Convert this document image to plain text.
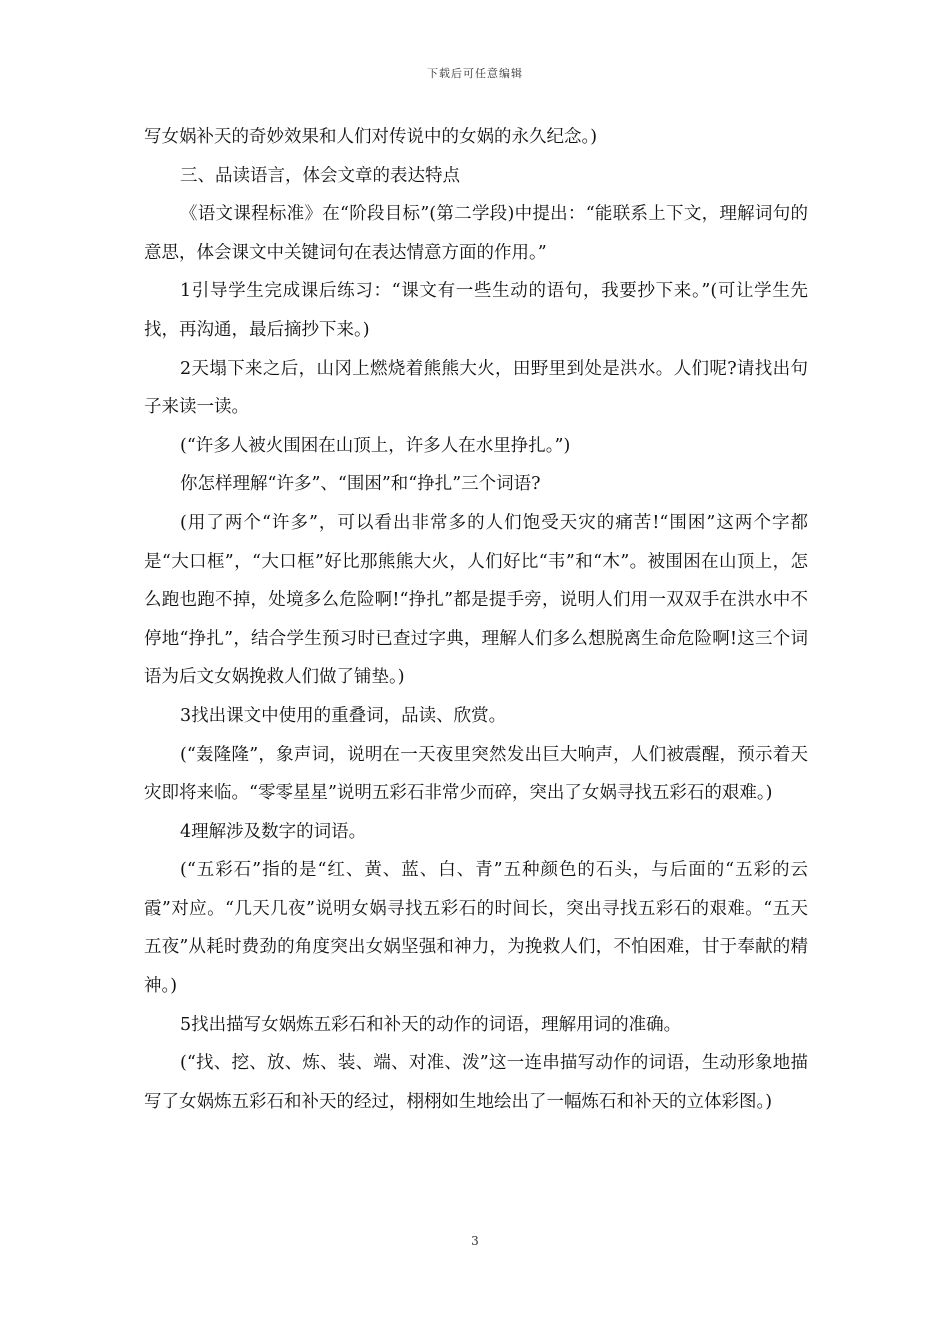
下载后可任意编辑

写女娲补天的奇妙效果和人们对传说中的女娲的永久纪念。)

三、品读语言，体会文章的表达特点

《语文课程标准》在“阶段目标”(第二学段)中提出：“能联系上下文，理解词句的意思，体会课文中关键词句在表达情意方面的作用。”

1引导学生完成课后练习：“课文有一些生动的语句，我要抄下来。”(可让学生先找，再沟通，最后摘抄下来。)

2天塌下来之后，山冈上燃烧着熊熊大火，田野里到处是洪水。人们呢?请找出句子来读一读。

(“许多人被火围困在山顶上，许多人在水里挣扎。”)

你怎样理解“许多”、“围困”和“挣扎”三个词语?

(用了两个“许多”，可以看出非常多的人们饱受天灾的痛苦!“围困”这两个字都是“大口框”，“大口框”好比那熊熊大火，人们好比“韦”和“木”。被围困在山顶上，怎么跑也跑不掉，处境多么危险啊!“挣扎”都是提手旁，说明人们用一双双手在洪水中不停地“挣扎”，结合学生预习时已查过字典，理解人们多么想脱离生命危险啊!这三个词语为后文女娲挽救人们做了铺垫。)

3找出课文中使用的重叠词，品读、欣赏。

(“轰隆隆”，象声词，说明在一天夜里突然发出巨大响声，人们被震醒，预示着天灾即将来临。“零零星星”说明五彩石非常少而碎，突出了女娲寻找五彩石的艰难。)

4理解涉及数字的词语。

(“五彩石”指的是“红、黄、蓝、白、青”五种颜色的石头，与后面的“五彩的云霞”对应。“几天几夜”说明女娲寻找五彩石的时间长，突出寻找五彩石的艰难。“五天五夜”从耗时费劲的角度突出女娲坚强和神力，为挽救人们，不怕困难，甘于奉献的精神。)

5找出描写女娲炼五彩石和补天的动作的词语，理解用词的准确。

(“找、挖、放、炼、装、端、对准、泼”这一连串描写动作的词语，生动形象地描写了女娲炼五彩石和补天的经过，栩栩如生地绘出了一幅炼石和补天的立体彩图。)

3
